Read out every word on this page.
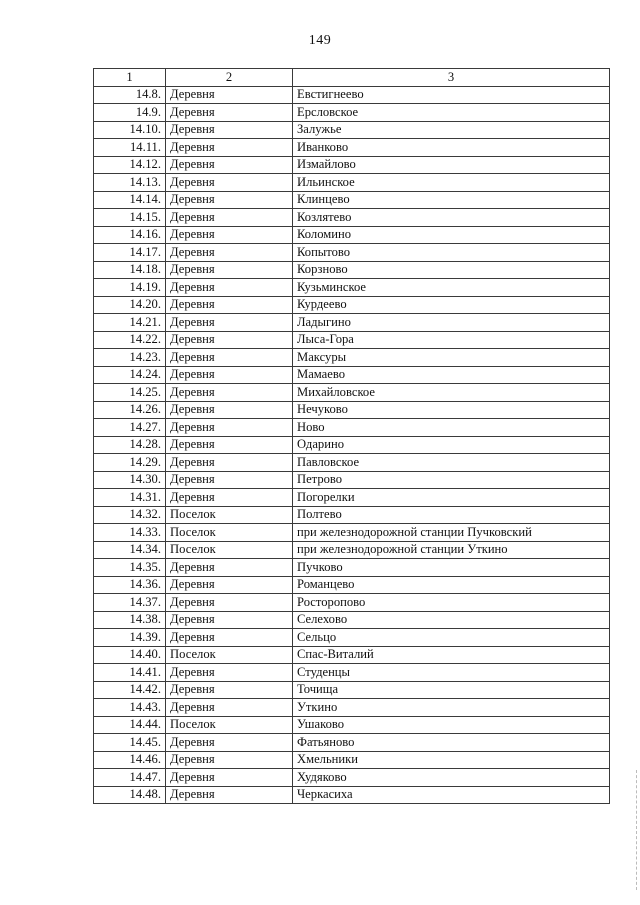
149
1	2	3
14.8.	Деревня	Евстигнеево
14.9.	Деревня	Ерсловское
14.10.	Деревня	Залужье
14.11.	Деревня	Иванково
14.12.	Деревня	Измайлово
14.13.	Деревня	Ильинское
14.14.	Деревня	Клинцево
14.15.	Деревня	Козлятево
14.16.	Деревня	Коломино
14.17.	Деревня	Копытово
14.18.	Деревня	Корзново
14.19.	Деревня	Кузьминское
14.20.	Деревня	Курдеево
14.21.	Деревня	Ладыгино
14.22.	Деревня	Лыса-Гора
14.23.	Деревня	Максуры
14.24.	Деревня	Мамаево
14.25.	Деревня	Михайловское
14.26.	Деревня	Нечуково
14.27.	Деревня	Ново
14.28.	Деревня	Одарино
14.29.	Деревня	Павловское
14.30.	Деревня	Петрово
14.31.	Деревня	Погорелки
14.32.	Поселок	Полтево
14.33.	Поселок	при железнодорожной станции Пучковский
14.34.	Поселок	при железнодорожной станции Уткино
14.35.	Деревня	Пучково
14.36.	Деревня	Романцево
14.37.	Деревня	Росторопово
14.38.	Деревня	Селехово
14.39.	Деревня	Сельцо
14.40.	Поселок	Спас-Виталий
14.41.	Деревня	Студенцы
14.42.	Деревня	Точища
14.43.	Деревня	Уткино
14.44.	Поселок	Ушаково
14.45.	Деревня	Фатьяново
14.46.	Деревня	Хмельники
14.47.	Деревня	Худяково
14.48.	Деревня	Черкасиха
